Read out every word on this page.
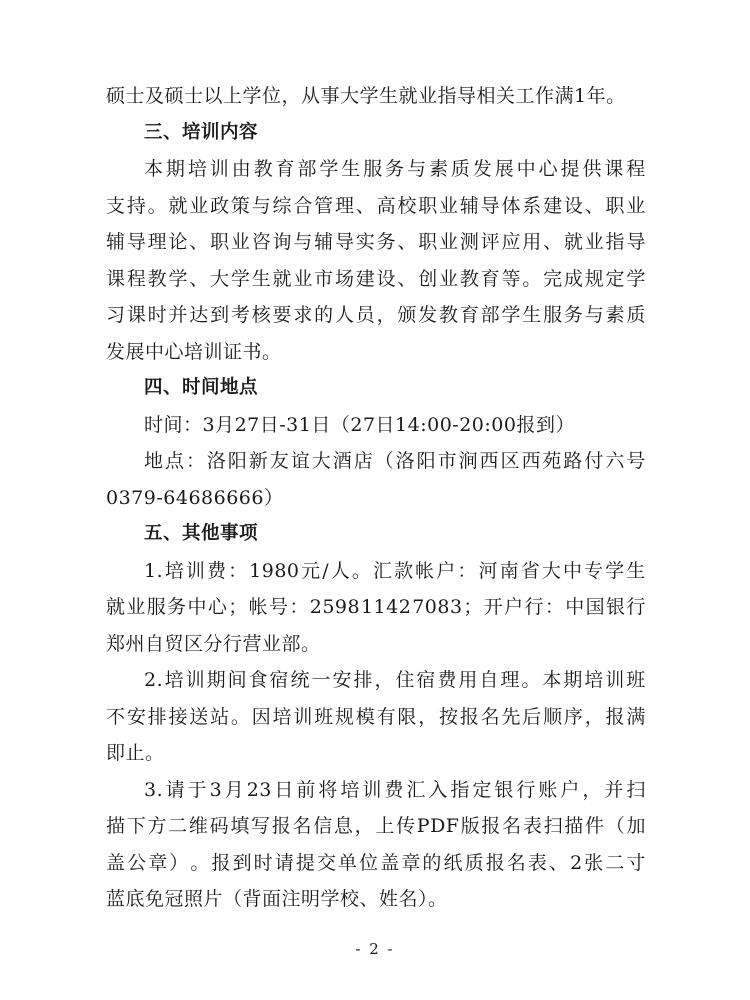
硕士及硕士以上学位，从事大学生就业指导相关工作满1年。
三、培训内容
本 期 培 训 由 教 育 部 学 生 服 务 与 素 质 发 展 中 心 提 供 课 程
支 持 。 就 业 政 策 与 综 合 管 理 、 高 校 职 业 辅 导 体 系 建 设 、 职 业
辅 导 理 论 、 职 业 咨 询 与 辅 导 实 务 、 职 业 测 评 应 用 、 就 业 指 导
课 程 教 学 、 大 学 生 就 业 市 场 建 设 、 创 业 教 育 等 。 完 成 规 定 学
习 课 时 并 达 到 考 核 要 求 的 人 员 ， 颁 发 教 育 部 学 生 服 务 与 素 质
发展中心培训证书。
四、时间地点
时间：3月27日-31日（27日14:00-20:00报到）
地 点 ： 洛 阳 新 友 谊 大 酒 店 （ 洛 阳 市 涧 西 区 西 苑 路 付 六 号
0379-64686666）
五、其他事项
1. 培 训 费 ： 1980 元 / 人 。 汇 款 帐 户 ： 河 南 省 大 中 专 学 生
就 业 服 务 中 心 ； 帐 号 ： 2598 1142 7083 ； 开 户 行 ： 中 国 银 行
郑州自贸区分行营业部。
2. 培 训 期 间 食 宿 统 一 安 排 ， 住 宿 费 用 自 理 。 本 期 培 训 班
不 安 排 接 送 站 。 因 培 训 班 规 模 有 限 ， 按 报 名 先 后 顺 序 ， 报 满
即止。
3. 请 于 3 月 23 日 前 将 培 训 费 汇 入 指 定 银 行 账 户 ， 并 扫
描 下 方 二 维 码 填 写 报 名 信 息 ， 上 传 PDF 版 报 名 表 扫 描 件 （ 加
盖 公 章 ） 。 报 到 时 请 提 交 单 位 盖 章 的 纸 质 报 名 表 、 2 张 二 寸
蓝底免冠照片（背面注明学校、姓名）。
- 2 -
